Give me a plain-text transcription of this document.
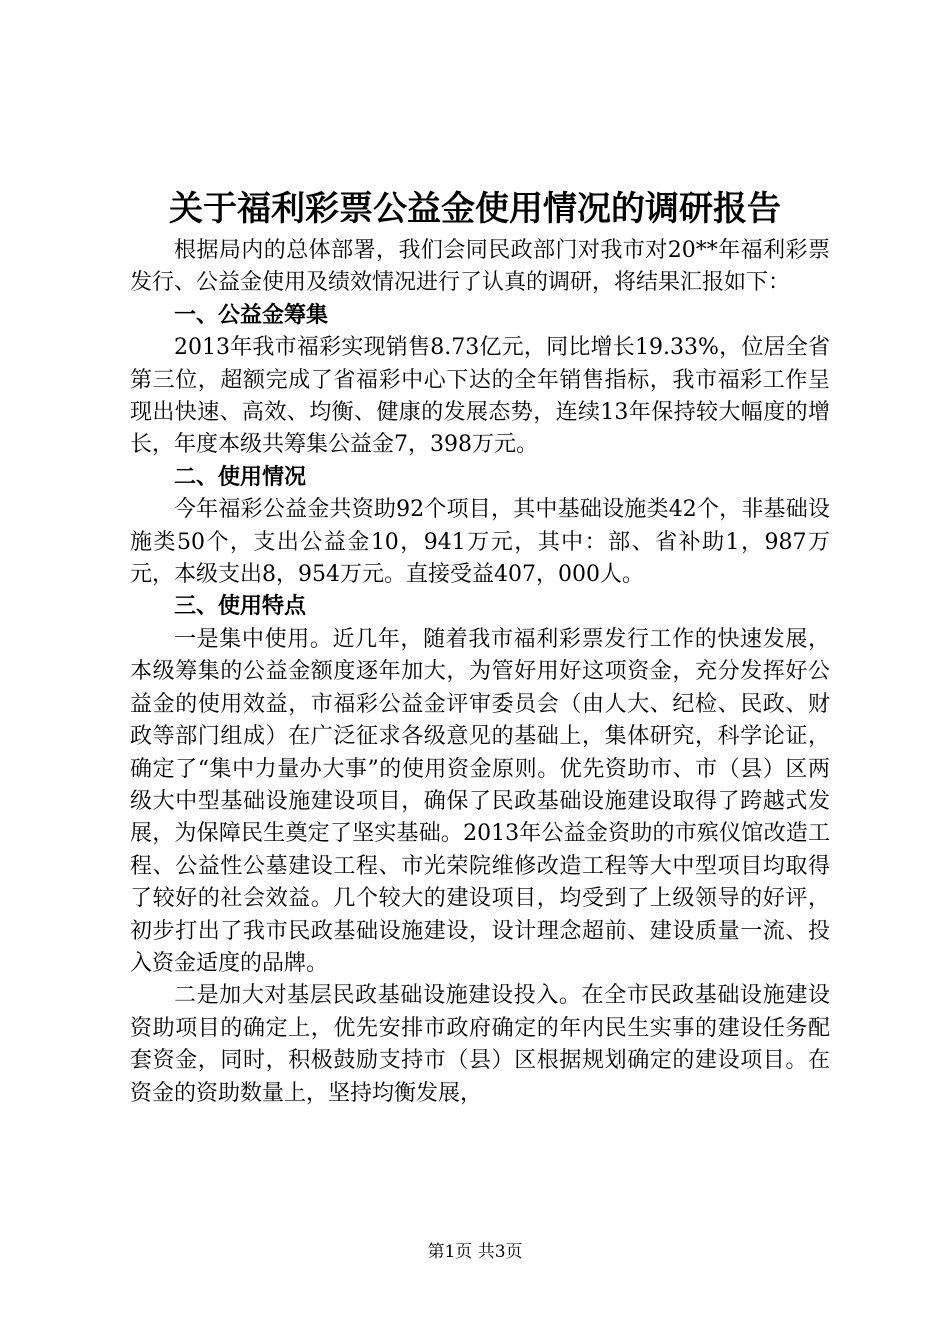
关于福利彩票公益金使用情况的调研报告

根据局内的总体部署，我们会同民政部门对我市对20**年福利彩票发行、公益金使用及绩效情况进行了认真的调研，将结果汇报如下：

一、公益金筹集

2013年我市福彩实现销售8.73亿元，同比增长19.33%，位居全省第三位，超额完成了省福彩中心下达的全年销售指标，我市福彩工作呈现出快速、高效、均衡、健康的发展态势，连续13年保持较大幅度的增长，年度本级共筹集公益金7，398万元。

二、使用情况

今年福彩公益金共资助92个项目，其中基础设施类42个，非基础设施类50个，支出公益金10，941万元，其中：部、省补助1，987万元，本级支出8，954万元。直接受益407，000人。

三、使用特点

一是集中使用。近几年，随着我市福利彩票发行工作的快速发展，本级筹集的公益金额度逐年加大，为管好用好这项资金，充分发挥好公益金的使用效益，市福彩公益金评审委员会（由人大、纪检、民政、财政等部门组成）在广泛征求各级意见的基础上，集体研究，科学论证，确定了“集中力量办大事”的使用资金原则。优先资助市、市（县）区两级大中型基础设施建设项目，确保了民政基础设施建设取得了跨越式发展，为保障民生奠定了坚实基础。2013年公益金资助的市殡仪馆改造工程、公益性公墓建设工程、市光荣院维修改造工程等大中型项目均取得了较好的社会效益。几个较大的建设项目，均受到了上级领导的好评，初步打出了我市民政基础设施建设，设计理念超前、建设质量一流、投入资金适度的品牌。

二是加大对基层民政基础设施建设投入。在全市民政基础设施建设资助项目的确定上，优先安排市政府确定的年内民生实事的建设任务配套资金，同时，积极鼓励支持市（县）区根据规划确定的建设项目。在资金的资助数量上，坚持均衡发展，

第1页 共3页
